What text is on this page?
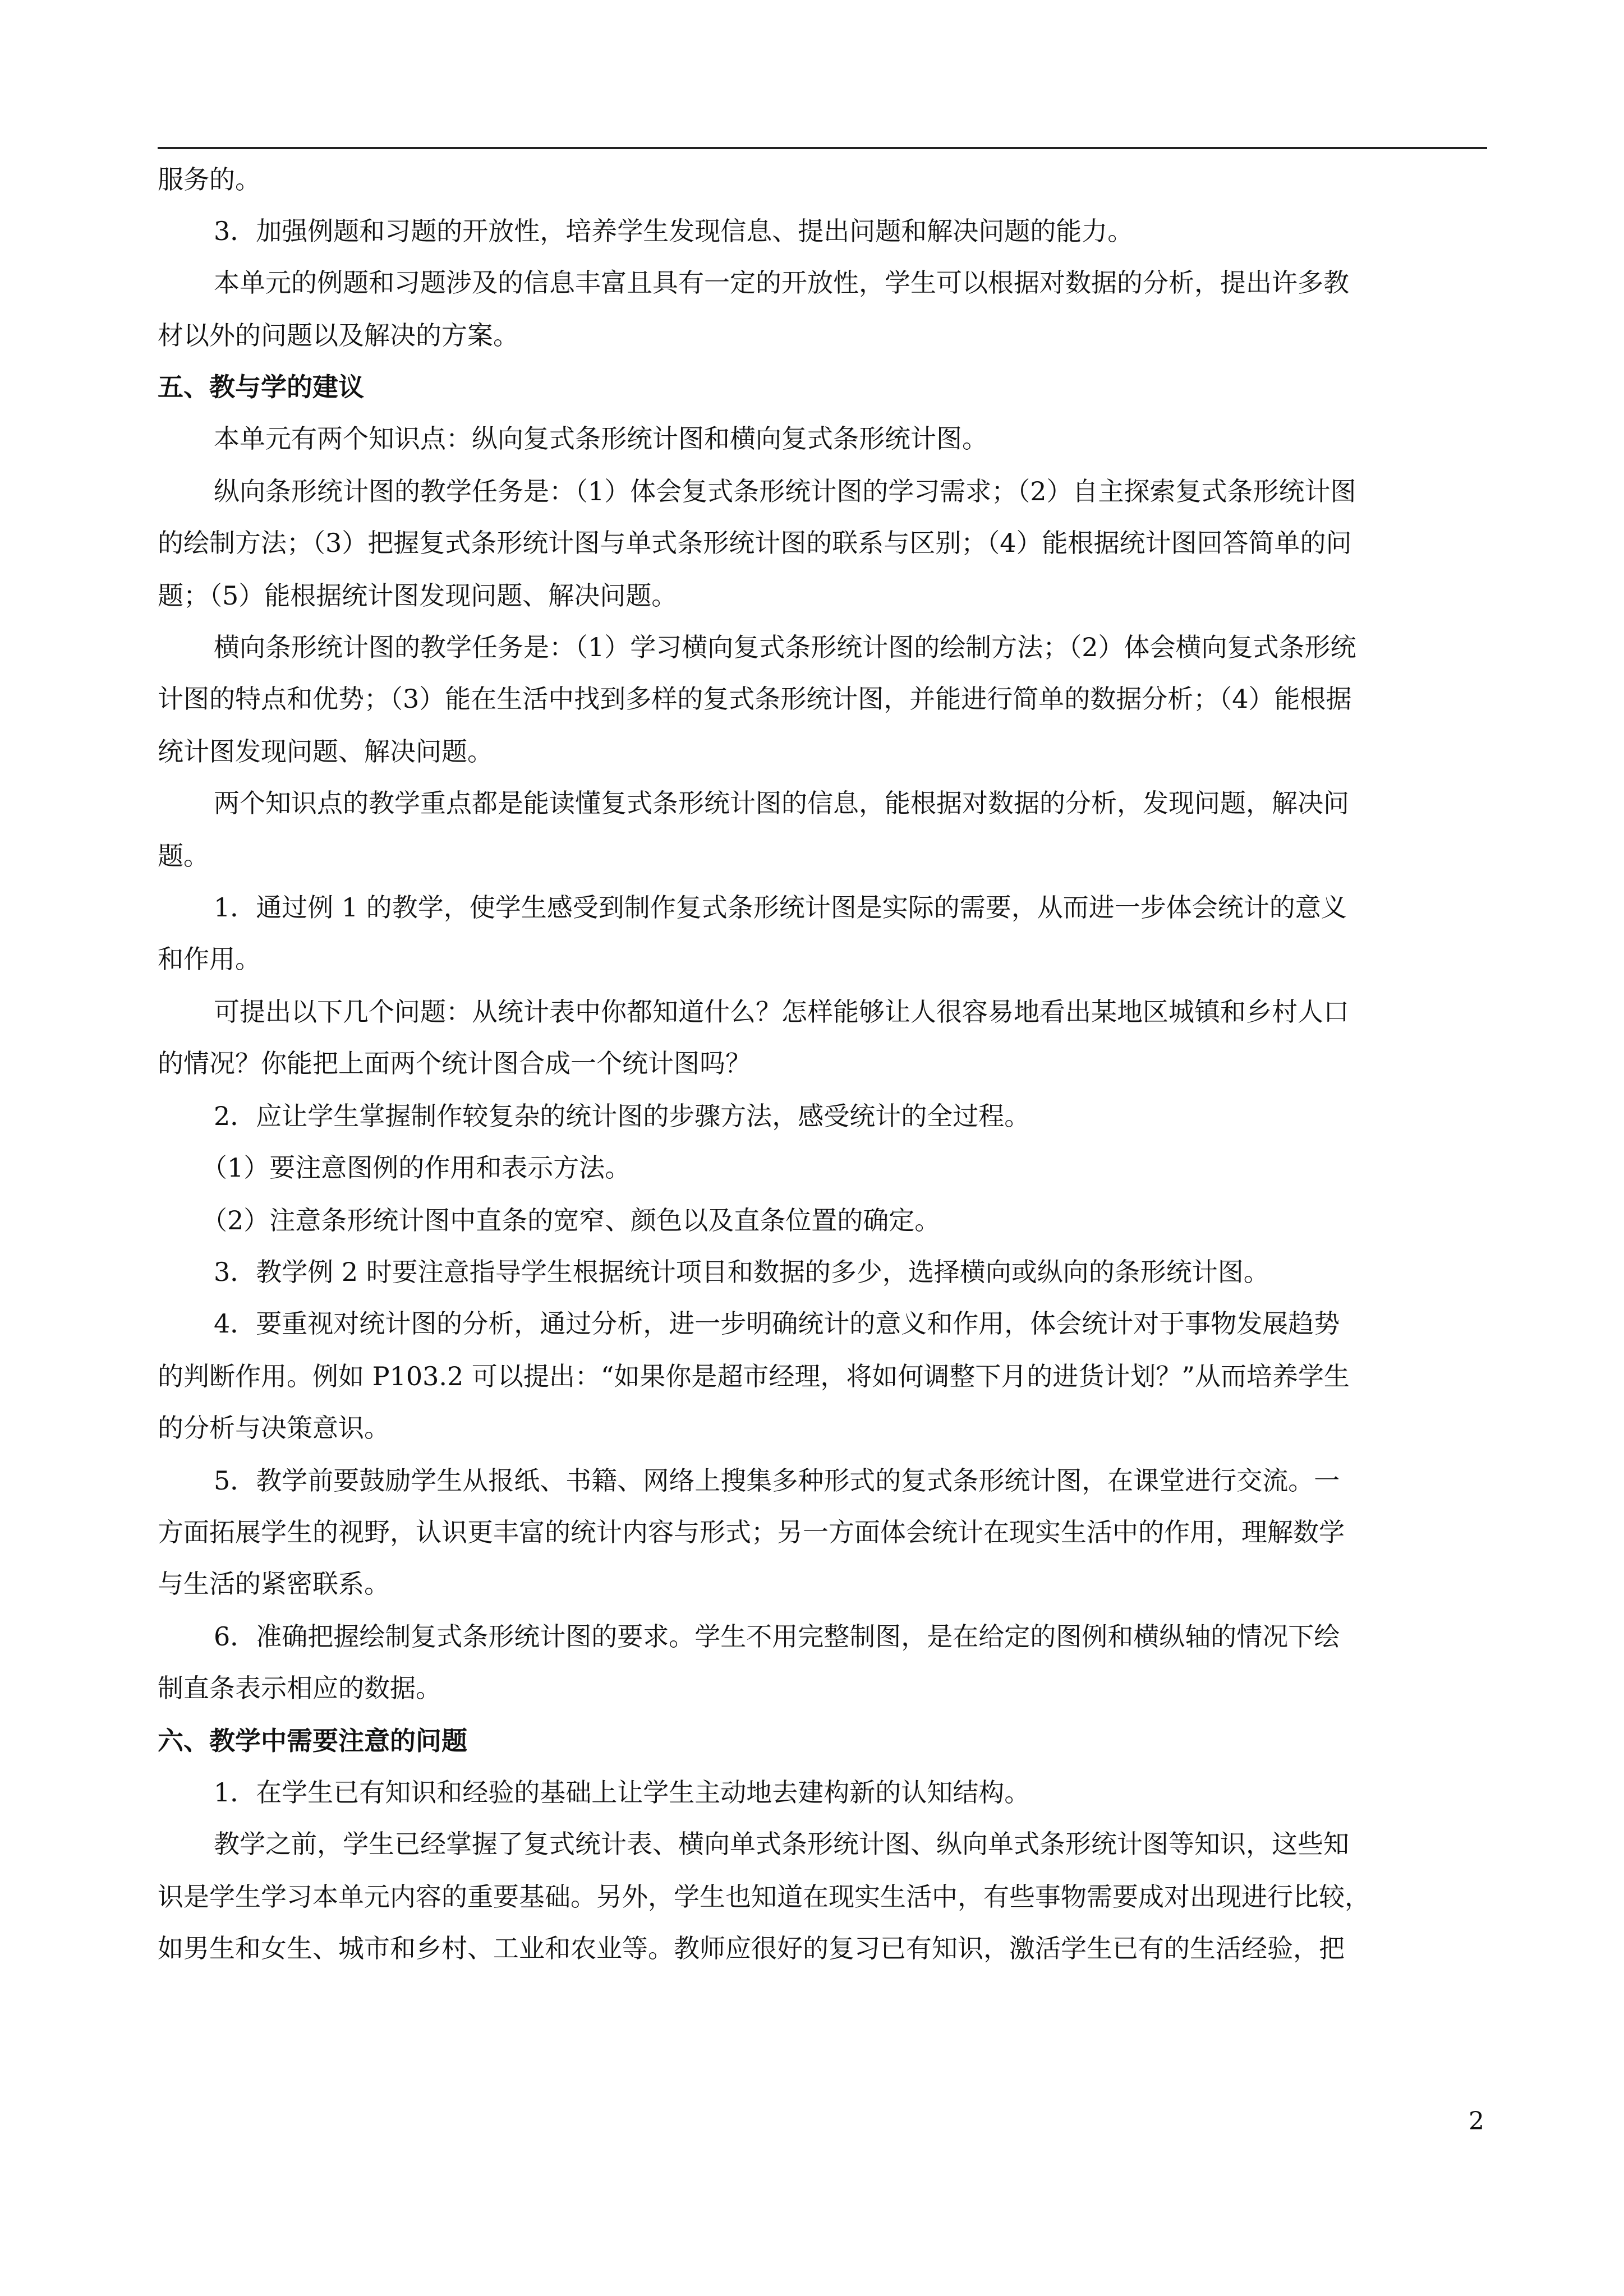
服务的。
3．加强例题和习题的开放性，培养学生发现信息、提出问题和解决问题的能力。
本单元的例题和习题涉及的信息丰富且具有一定的开放性，学生可以根据对数据的分析，提出许多教
材以外的问题以及解决的方案。
五、教与学的建议
本单元有两个知识点：纵向复式条形统计图和横向复式条形统计图。
纵向条形统计图的教学任务是：（1）体会复式条形统计图的学习需求；（2）自主探索复式条形统计图
的绘制方法；（3）把握复式条形统计图与单式条形统计图的联系与区别；（4）能根据统计图回答简单的问
题；（5）能根据统计图发现问题、解决问题。
横向条形统计图的教学任务是：（1）学习横向复式条形统计图的绘制方法；（2）体会横向复式条形统
计图的特点和优势；（3）能在生活中找到多样的复式条形统计图，并能进行简单的数据分析；（4）能根据
统计图发现问题、解决问题。
两个知识点的教学重点都是能读懂复式条形统计图的信息，能根据对数据的分析，发现问题，解决问
题。
1．通过例 1 的教学，使学生感受到制作复式条形统计图是实际的需要，从而进一步体会统计的意义
和作用。
可提出以下几个问题：从统计表中你都知道什么？怎样能够让人很容易地看出某地区城镇和乡村人口
的情况？你能把上面两个统计图合成一个统计图吗？
2．应让学生掌握制作较复杂的统计图的步骤方法，感受统计的全过程。
（1）要注意图例的作用和表示方法。
（2）注意条形统计图中直条的宽窄、颜色以及直条位置的确定。
3．教学例 2 时要注意指导学生根据统计项目和数据的多少，选择横向或纵向的条形统计图。
4．要重视对统计图的分析，通过分析，进一步明确统计的意义和作用，体会统计对于事物发展趋势
的判断作用。例如 P103.2 可以提出：“如果你是超市经理，将如何调整下月的进货计划？”从而培养学生
的分析与决策意识。
5．教学前要鼓励学生从报纸、书籍、网络上搜集多种形式的复式条形统计图，在课堂进行交流。一
方面拓展学生的视野，认识更丰富的统计内容与形式；另一方面体会统计在现实生活中的作用，理解数学
与生活的紧密联系。
6．准确把握绘制复式条形统计图的要求。学生不用完整制图，是在给定的图例和横纵轴的情况下绘
制直条表示相应的数据。
六、教学中需要注意的问题
1．在学生已有知识和经验的基础上让学生主动地去建构新的认知结构。
教学之前，学生已经掌握了复式统计表、横向单式条形统计图、纵向单式条形统计图等知识，这些知
识是学生学习本单元内容的重要基础。另外，学生也知道在现实生活中，有些事物需要成对出现进行比较，
如男生和女生、城市和乡村、工业和农业等。教师应很好的复习已有知识，激活学生已有的生活经验，把
2
